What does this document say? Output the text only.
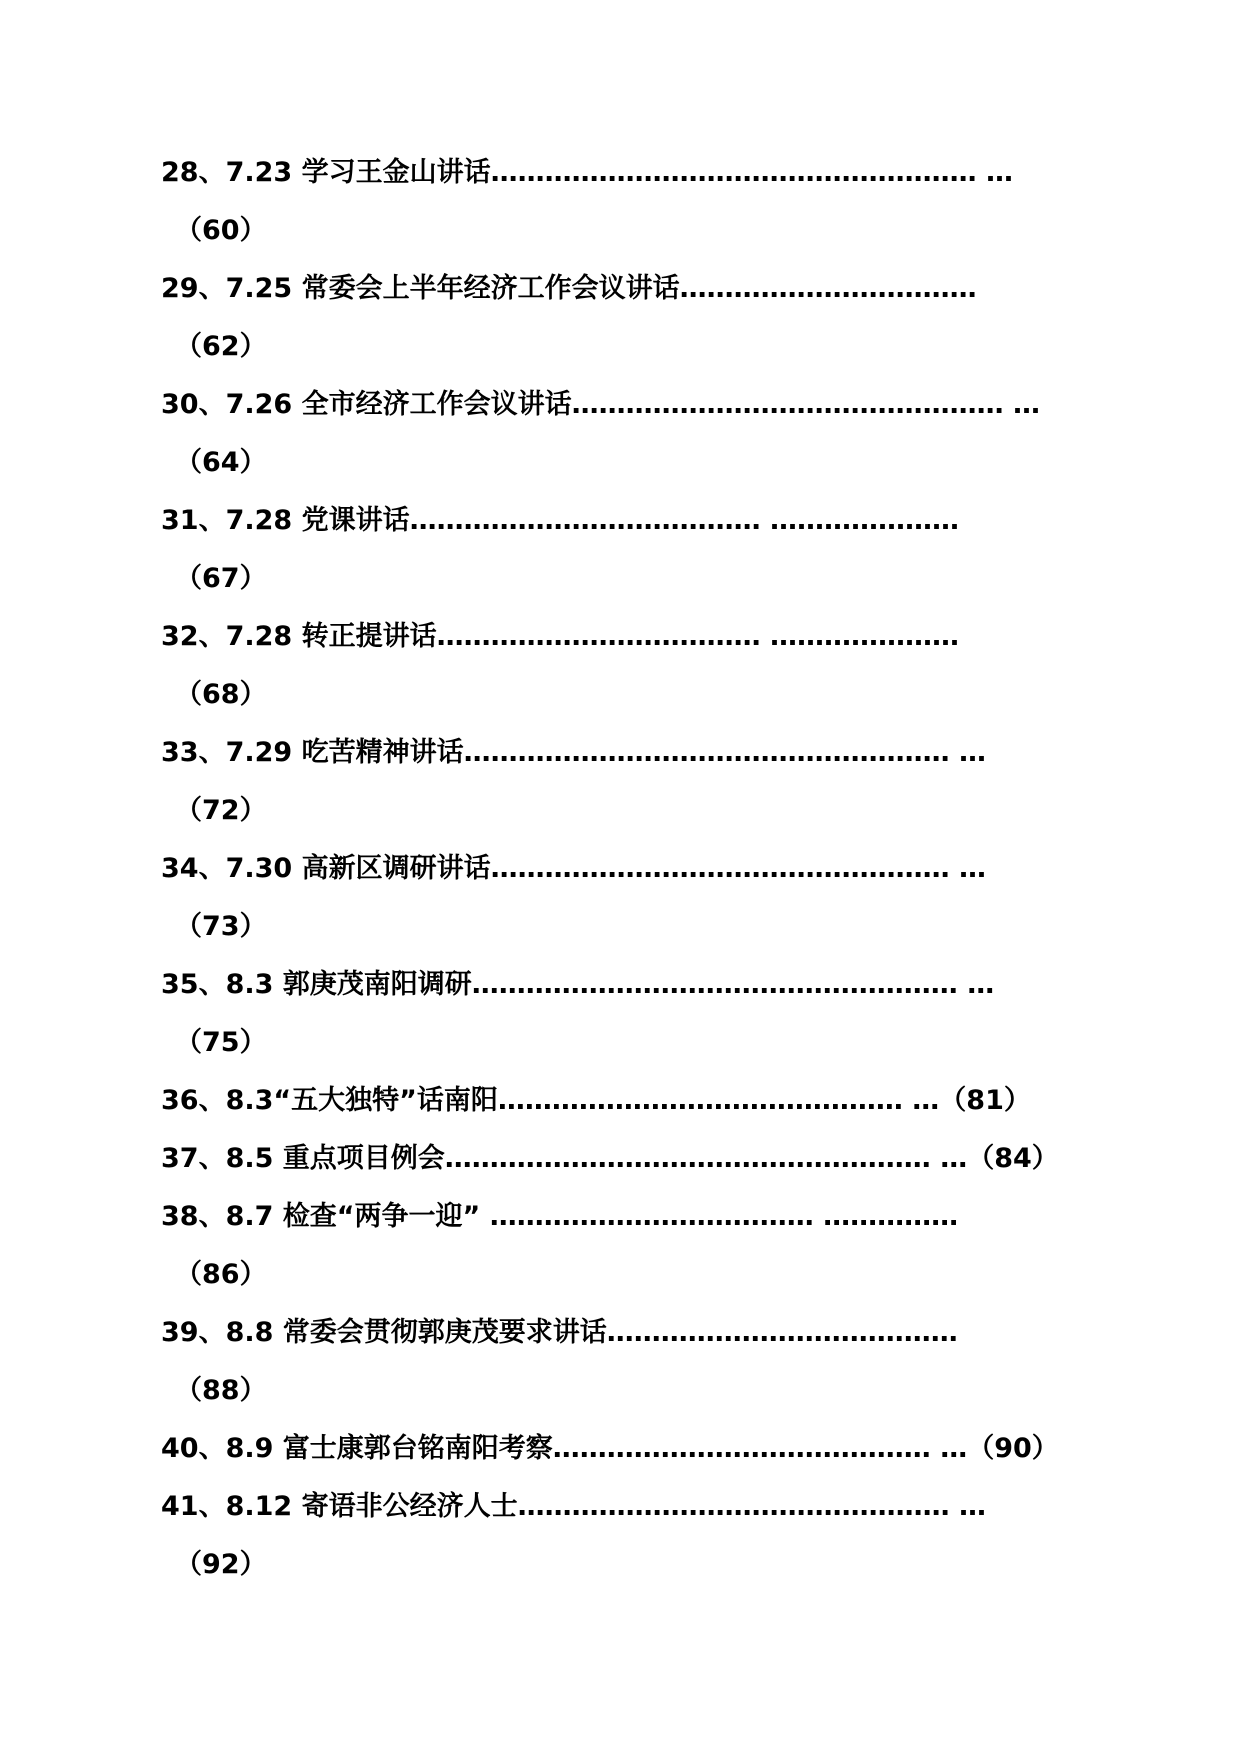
28、7.23 学习王金山讲话……………………………………………… …
（60）
29、7.25 常委会上半年经济工作会议讲话……………………………
（62）
30、7.26 全市经济工作会议讲话………………………………………… …
（64）
31、7.28 党课讲话………………………………… …………………
（67）
32、7.28 转正提讲话……………………………… …………………
（68）
33、7.29 吃苦精神讲话……………………………………………… …
（72）
34、7.30 高新区调研讲话…………………………………………… …
（73）
35、8.3 郭庚茂南阳调研……………………………………………… …
（75）
36、8.3“五大独特”话南阳……………………………………… …（81）
37、8.5 重点项目例会……………………………………………… …（84）
38、8.7 检查“两争一迎” ……………………………… ……………
（86）
39、8.8 常委会贯彻郭庚茂要求讲话…………………………………
（88）
40、8.9 富士康郭台铭南阳考察…………………………………… …（90）
41、8.12 寄语非公经济人士………………………………………… …
（92）
